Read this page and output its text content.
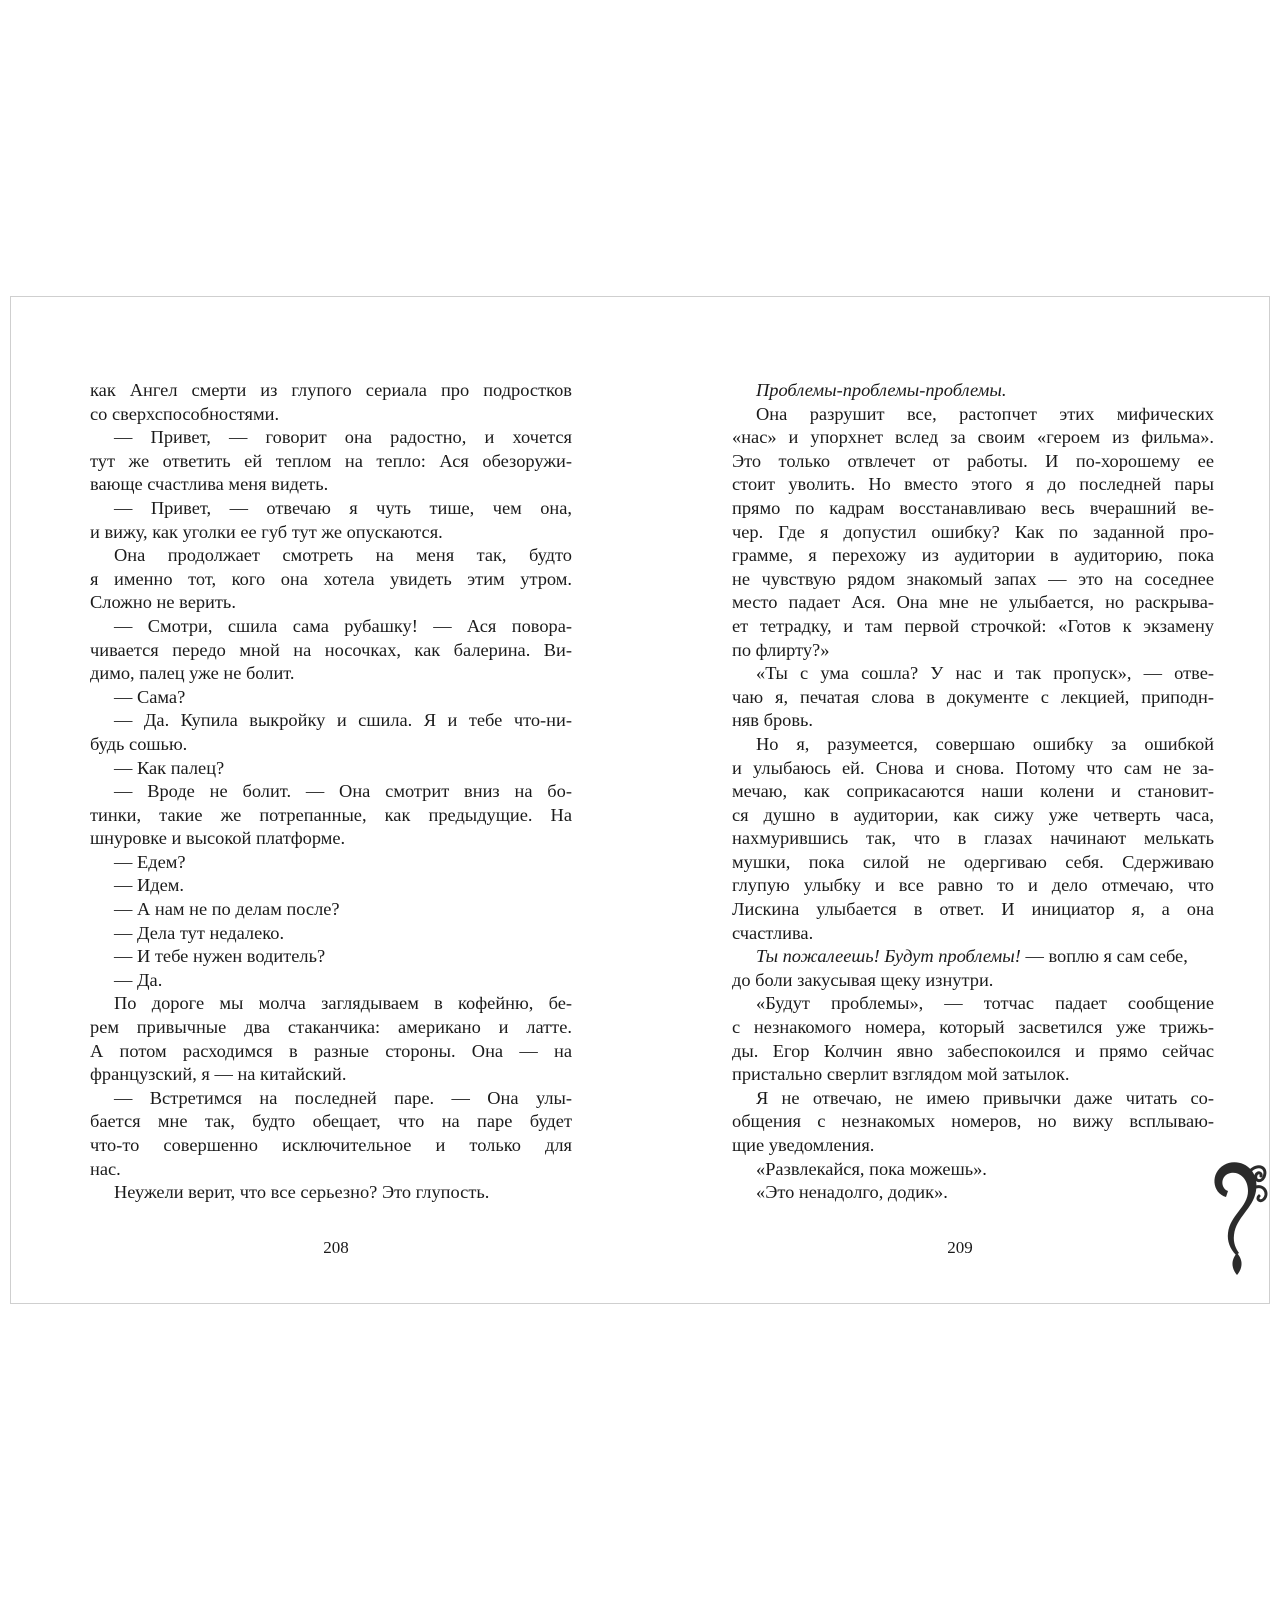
как Ангел смерти из глупого сериала про подростков
со сверхспособностями.
— Привет, — говорит она радостно, и хочется
тут же ответить ей теплом на тепло: Ася обезоружи-
вающе счастлива меня видеть.
— Привет, — отвечаю я чуть тише, чем она,
и вижу, как уголки ее губ тут же опускаются.
Она продолжает смотреть на меня так, будто
я именно тот, кого она хотела увидеть этим утром.
Сложно не верить.
— Смотри, сшила сама рубашку! — Ася повора-
чивается передо мной на носочках, как балерина. Ви-
димо, палец уже не болит.
— Сама?
— Да. Купила выкройку и сшила. Я и тебе что-ни-
будь сошью.
— Как палец?
— Вроде не болит. — Она смотрит вниз на бо-
тинки, такие же потрепанные, как предыдущие. На
шнуровке и высокой платформе.
— Едем?
— Идем.
— А нам не по делам после?
— Дела тут недалеко.
— И тебе нужен водитель?
— Да.
По дороге мы молча заглядываем в кофейню, бе-
рем привычные два стаканчика: американо и латте.
А потом расходимся в разные стороны. Она — на
французский, я — на китайский.
— Встретимся на последней паре. — Она улы-
бается мне так, будто обещает, что на паре будет
что-то совершенно исключительное и только для
нас.
Неужели верит, что все серьезно? Это глупость.
208
Проблемы-проблемы-проблемы.
Она разрушит все, растопчет этих мифических
«нас» и упорхнет вслед за своим «героем из фильма».
Это только отвлечет от работы. И по-хорошему ее
стоит уволить. Но вместо этого я до последней пары
прямо по кадрам восстанавливаю весь вчерашний ве-
чер. Где я допустил ошибку? Как по заданной про-
грамме, я перехожу из аудитории в аудиторию, пока
не чувствую рядом знакомый запах — это на соседнее
место падает Ася. Она мне не улыбается, но раскрыва-
ет тетрадку, и там первой строчкой: «Готов к экзамену
по флирту?»
«Ты с ума сошла? У нас и так пропуск», — отве-
чаю я, печатая слова в документе с лекцией, приподн-
няв бровь.
Но я, разумеется, совершаю ошибку за ошибкой
и улыбаюсь ей. Снова и снова. Потому что сам не за-
мечаю, как соприкасаются наши колени и становит-
ся душно в аудитории, как сижу уже четверть часа,
нахмурившись так, что в глазах начинают мелькать
мушки, пока силой не одергиваю себя. Сдерживаю
глупую улыбку и все равно то и дело отмечаю, что
Лискина улыбается в ответ. И инициатор я, а она
счастлива.
Ты пожалеешь! Будут проблемы! — воплю я сам себе,
до боли закусывая щеку изнутри.
«Будут проблемы», — тотчас падает сообщение
с незнакомого номера, который засветился уже трижь-
ды. Егор Колчин явно забеспокоился и прямо сейчас
пристально сверлит взглядом мой затылок.
Я не отвечаю, не имею привычки даже читать со-
общения с незнакомых номеров, но вижу всплываю-
щие уведомления.
«Развлекайся, пока можешь».
«Это ненадолго, додик».
209
